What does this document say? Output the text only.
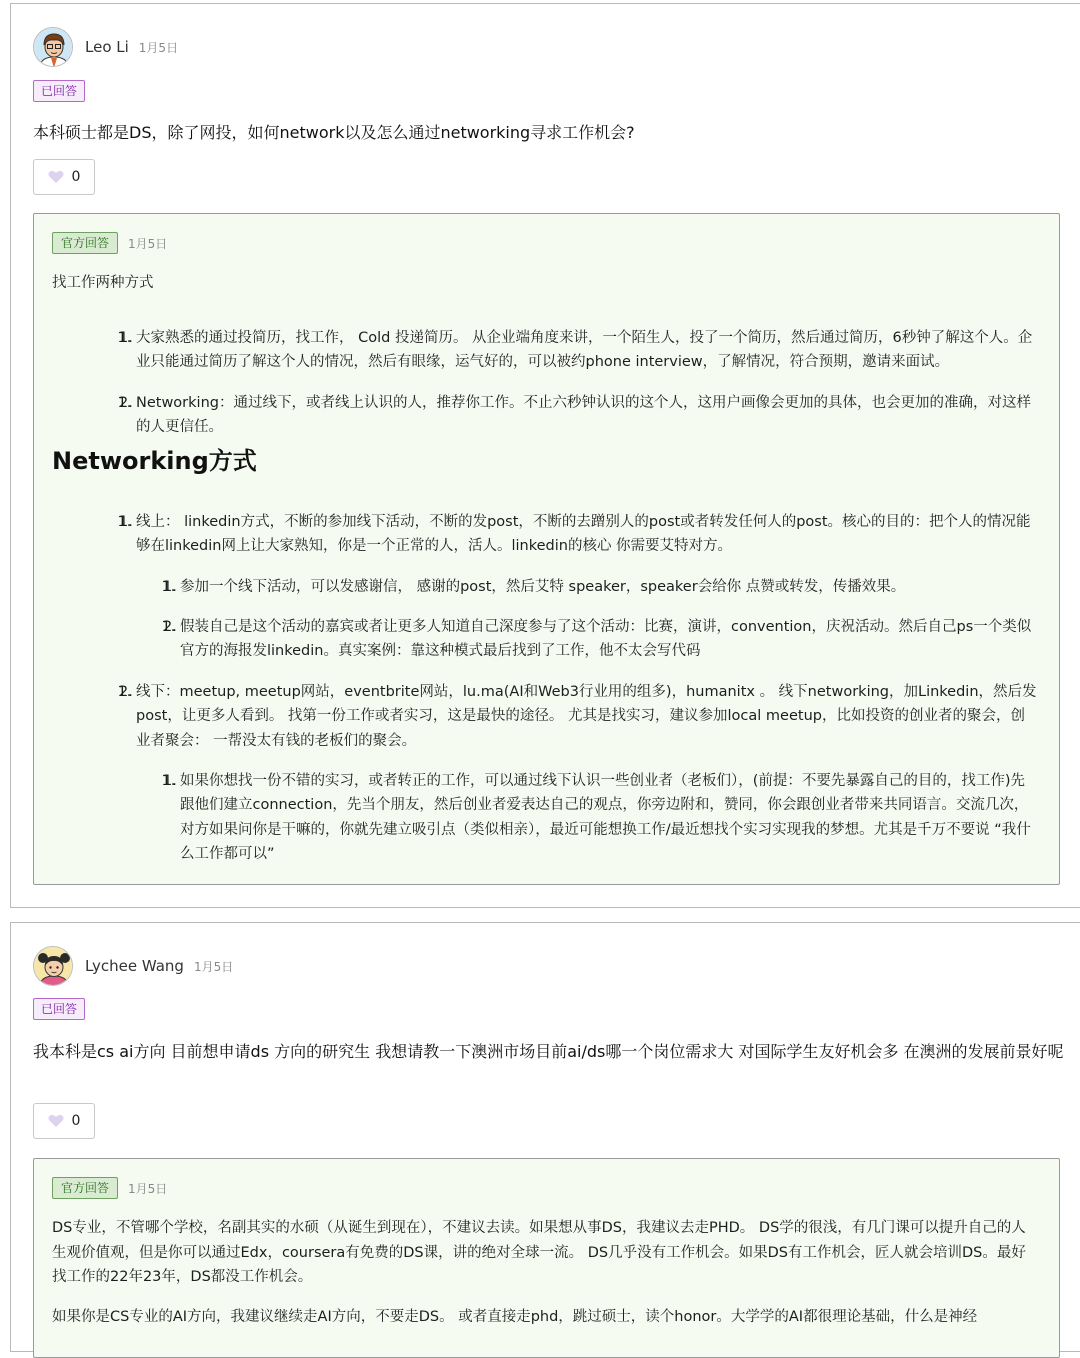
Leo Li 1月5日
已回答
本科硕士都是DS，除了网投，如何network以及怎么通过networking寻求工作机会?
0
官方回答	1月5日

找工作两种方式

1. 1. 大家熟悉的通过投简历，找工作， Cold 投递简历。 从企业端角度来讲，一个陌生人，投了一个简历，然后通过简历，6秒钟了解这个人。企业只能通过简历了解这个人的情况，然后有眼缘，运气好的，可以被约phone interview，了解情况，符合预期，邀请来面试。
1. 2. Networking：通过线下，或者线上认识的人，推荐你工作。不止六秒钟认识的这个人，这用户画像会更加的具体，也会更加的准确，对这样的人更信任。
Networking方式
1. 1. 线上： linkedin方式，不断的参加线下活动，不断的发post，不断的去蹭别人的post或者转发任何人的post。核心的目的：把个人的情况能够在linkedin网上让大家熟知，你是一个正常的人，活人。linkedin的核心 你需要艾特对方。
1. 1. 参加一个线下活动，可以发感谢信， 感谢的post，然后艾特 speaker，speaker会给你 点赞或转发，传播效果。
1. 2. 假装自己是这个活动的嘉宾或者让更多人知道自己深度参与了这个活动：比赛，演讲，convention，庆祝活动。然后自己ps一个类似官方的海报发linkedin。真实案例：靠这种模式最后找到了工作，他不太会写代码
1. 2. 线下：meetup, meetup网站，eventbrite网站，lu.ma(AI和Web3行业用的组多)，humanitx 。 线下networking，加Linkedin，然后发post，让更多人看到。 找第一份工作或者实习，这是最快的途径。 尤其是找实习，建议参加local meetup，比如投资的创业者的聚会，创业者聚会： 一帮没太有钱的老板们的聚会。
1. 1. 如果你想找一份不错的实习，或者转正的工作，可以通过线下认识一些创业者（老板们），(前提：不要先暴露自己的目的，找工作)先跟他们建立connection，先当个朋友，然后创业者爱表达自己的观点，你旁边附和，赞同，你会跟创业者带来共同语言。交流几次，对方如果问你是干嘛的，你就先建立吸引点（类似相亲），最近可能想换工作/最近想找个实习实现我的梦想。尤其是千万不要说᠎ “我什么工作都可以”
Lychee Wang 1月5日
已回答
我本科是cs ai方向 目前想申请ds 方向的研究生 我想请教一下澳洲市场目前ai/ds哪一个岗位需求大 对国际学生友好机会多 在澳洲的发展前景好呢
0
官方回答	1月5日

DS专业，不管哪个学校，名副其实的水硕（从诞生到现在），不建议去读。如果想从事DS，我建议去走PHD。 DS学的很浅，有几门课可以提升自己的人生观价值观，但是你可以通过Edx，coursera有免费的DS课，讲的绝对全球一流。 DS几乎没有工作机会。如果DS有工作机会，匠人就会培训DS。最好找工作的22年23年，DS都没工作机会。

如果你是CS专业的AI方向，我建议继续走AI方向，不要走DS。 或者直接走phd，跳过硕士，读个honor。大学学的AI都很理论基础，什么是神经
